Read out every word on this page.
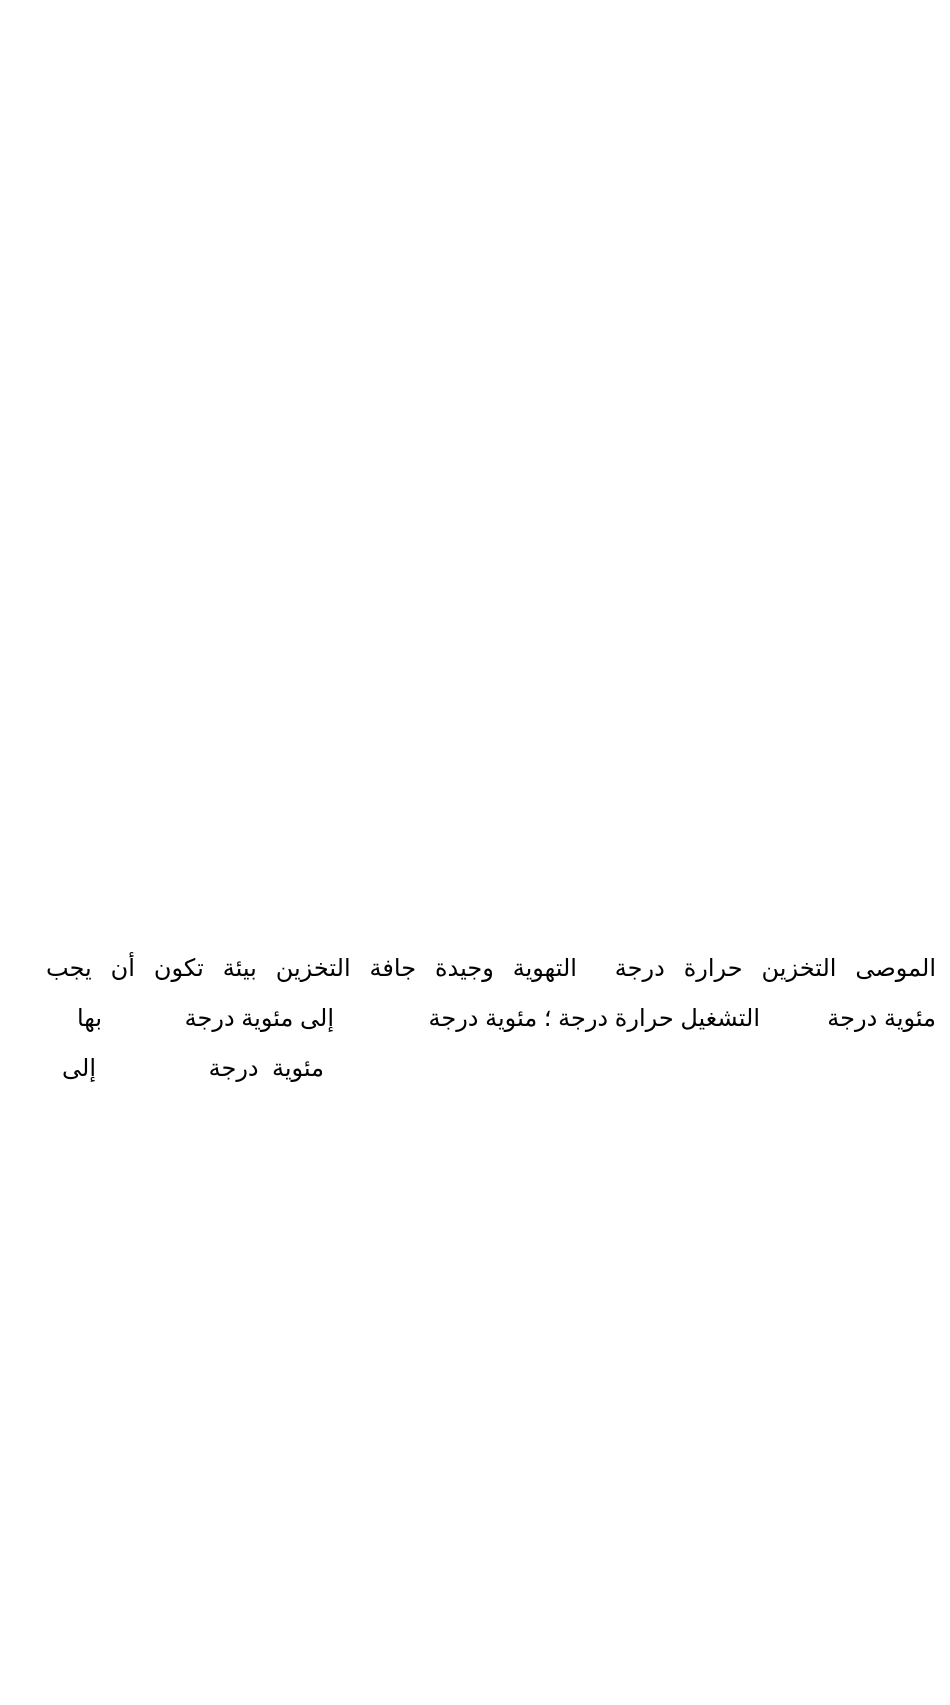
الموصى التخزين حرارة درجة  التهوية وجيدة جافة التخزين بيئة تكون أن يجب

مئوية درجة

التشغيل حرارة درجة ؛ مئوية درجة

إلى مئوية درجة

بها

مئوية  درجة

إلى
